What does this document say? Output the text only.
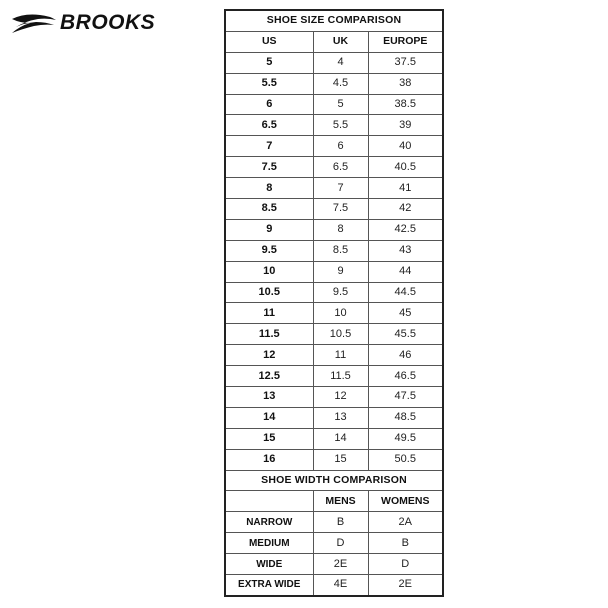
BROOKS	SHOE SIZE COMPARISON		
US	UK	EUROPE
5	4	37.5
5.5	4.5	38
6	5	38.5
6.5	5.5	39
7	6	40
7.5	6.5	40.5
8	7	41
8.5	7.5	42
9	8	42.5
9.5	8.5	43
10	9	44
10.5	9.5	44.5
11	10	45
11.5	10.5	45.5
12	11	46
12.5	11.5	46.5
13	12	47.5
14	13	48.5
15	14	49.5
16	15	50.5
SHOE WIDTH COMPARISON		
	MENS	WOMENS
NARROW	B	2A
MEDIUM	D	B
WIDE	2E	D
EXTRA WIDE	4E	2E
